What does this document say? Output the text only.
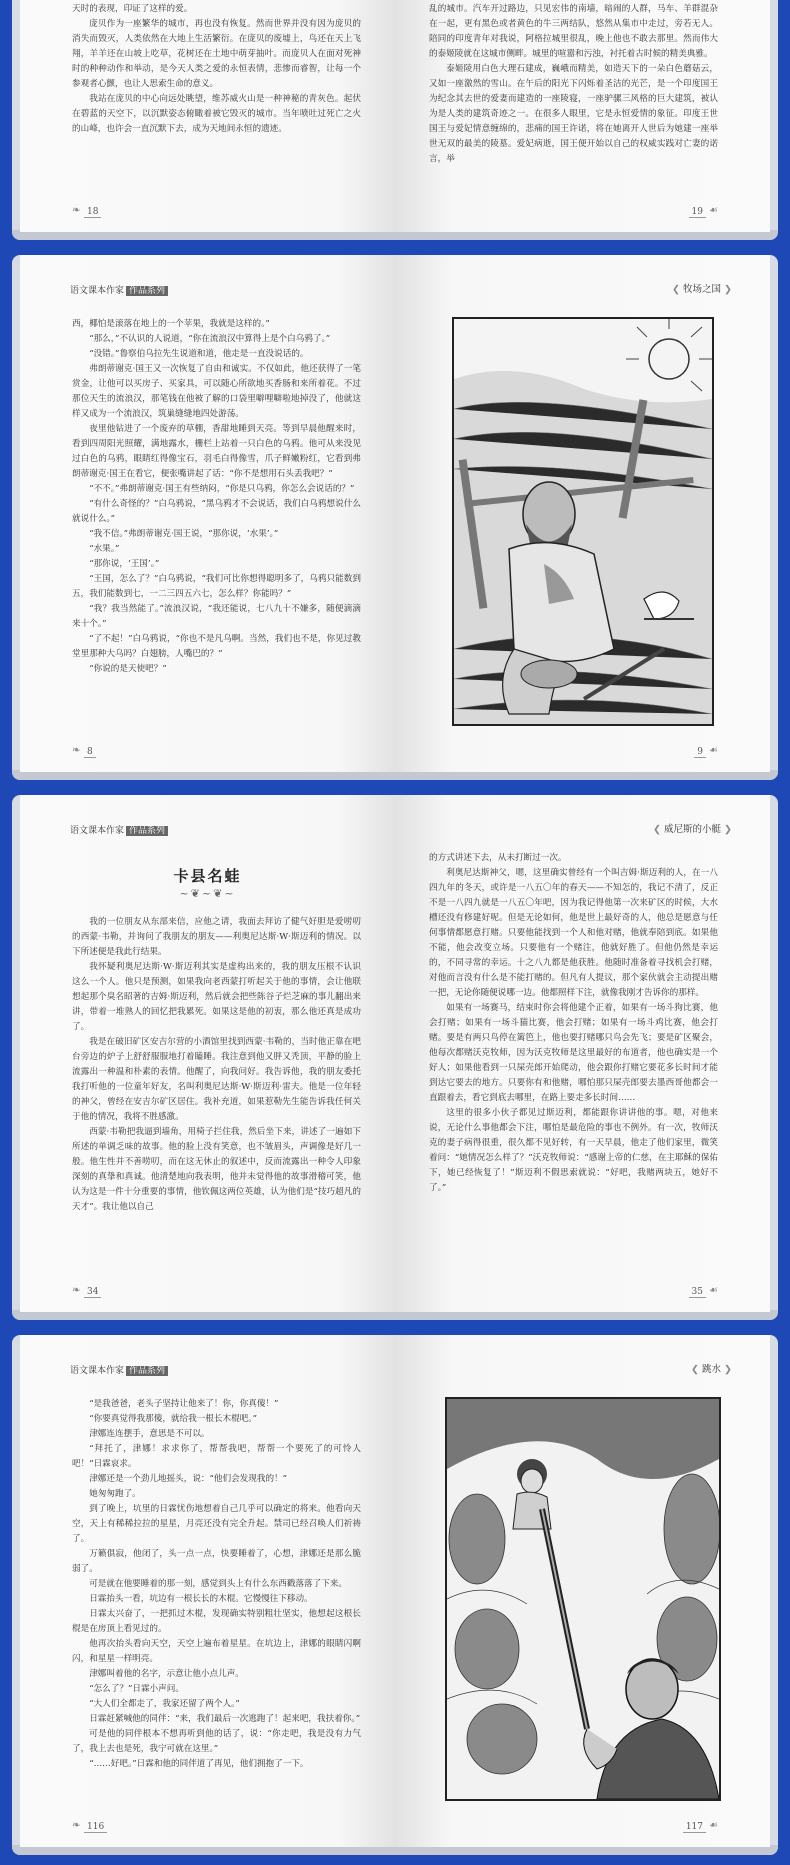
天时的表现，印证了这样的爱。

庞贝作为一座繁华的城市，再也没有恢复。然而世界并没有因为庞贝的消失而毁灭，人类依然在大地上生活繁衍。在庞贝的废墟上，鸟还在天上飞翔，羊羊还在山坡上吃草，花树还在土地中萌芽抽叶。而庞贝人在面对死神时的种种动作和举动，是今天人类之爱的永恒表情，悲惨而睿智，让每一个参观者心颤，也让人思索生命的意义。

我站在庞贝的中心向远处眺望，维苏威火山是一种神秘的青灰色。起伏在碧蓝的天空下，以沉默姿态俯瞰着被它毁灭的城市。当年喷吐过死亡之火的山峰，也许会一直沉默下去，成为天地间永恒的遗迹。

❧ 18

乱的城市。汽车开过路边，只见宏伟的南墙，暗闹的人群，马车、羊群混杂在一起，更有黑色或者黄色的牛三两结队，悠然从集市中走过，旁若无人。陪同的印度青年对我说，阿格拉城里很乱，晚上他也不敢去那里。然而伟大的泰姬陵就在这城市侧畔。城里的喧嚣和污浊，衬托着古时候的精美典雅。

泰姬陵用白色大理石建成，巍峨而精美，如造天下的一朵白色蘑菇云，又如一座激然的雪山。在午后的阳光下闪烁着圣洁的光芒，是一个印度国王为纪念其去世的爱妻而建造的一座陵寝，一座驴骡三风格的巨大建筑，被认为是人类的建筑奇迹之一。在很多人眼里，它是永恒爱情的象征。印度王世国王与爱妃情意缠绵的，悲痛的国王许诺，将在她离开人世后为她建一座举世无双的最美的陵墓。爱妃病逝，国王便开始以自己的权威实践对亡妻的诺言，举

19 ☙
语文课本作家 作品系列

西，椰怕是滚落在地上的一个苹果，我就是这样的。”

“那么，”不认识的人说道，“你在流浪汉中算得上是个白乌鸦了。”

“没错。”鲁察伯乌拉先生说道和道，他走是一直没说话的。

弗朗蒂谢克·国王又一次恢复了自由和诚实。不仅如此，他还获得了一笔赏金，让他可以买房子、买家具，可以随心所欲地买香肠和来所着花。不过那位天生的流浪汉，那笔钱在他被了解的口袋里噼哩噼啦地掉没了，他就这样又成为一个流浪汉，筑巢缝缝地四处游荡。

夜里他钻进了一个废弃的草棚，香甜地睡到天亮。等到早晨他醒来时，看到四周阳光照耀，满地露水，栅栏上站着一只白色的乌鸦。他可从来没见过白色的乌鸦，眼睛红得像宝石，羽毛白得像雪，爪子鲜嫩粉红，它看到弗朗蒂谢克·国王在看它，便张嘴讲起了话：“你不是想用石头丢我吧？”

“不不。”弗朗蒂谢克·国王有些纳闷，“你是只乌鸦，你怎么会说话的？”

“有什么奇怪的？”白乌鸦说，“黑乌鸦才不会说话，我们白乌鸦想说什么就说什么。”

“我不信。”弗朗蒂谢克·国王说，“那你说，‘水果’。”

“水果。”

“那你说，‘王国’。”

“王国，怎么了？”白乌鸦说，“我们可比你想得聪明多了，乌鸦只能数到五，我们能数到七，一二三四五六七，怎么样？你能吗？”

“我？我当然能了。”流浪汉说，“我还能说，七八九十不嫌多，随便滴滴来十个。”

“了不起！”白乌鸦说，“你也不是凡乌啊。当然，我们也不是，你见过教堂里那种大乌吗？白翅膀，人嘴巴的？”

“你说的是天使吧？”

❧ 8
❮ 牧场之国 ❯
9 ☙
语文课本作家 作品系列
卡县名蛙
~❦~❦~

我的一位朋友从东部来信，应他之请，我面去拜访了健气好胆是爱唠叨的西蒙·韦勒，并询问了我朋友的朋友——利奥尼达斯·W·斯迈利的情况。以下所述便是我此行结果。

我怀疑利奥尼达斯·W·斯迈利其实是虚构出来的，我的朋友压根不认识这么一个人。他只是预测，如果我向老西蒙打听起关于他的事情，会让他联想起那个臭名昭著的吉姆·斯迈利，然后就会把些陈谷子烂芝麻的事儿翻出来讲，带着一堆熟人的回忆把我累死。如果这是他的初衷，那么他还真是成功了。

我是在破旧矿区安吉尔营的小酒馆里找到西蒙·韦勒的，当时他正靠在吧台旁边的炉子上舒舒服服地打着瞌睡。我注意到他又胖又秃顶，平静的脸上流露出一种温和朴素的表情。他醒了，向我问好。我告诉他，我的朋友委托我打听他的一位童年好友，名叫利奥尼达斯·W·斯迈利·雷夫。他是一位年轻的神父，曾经在安吉尔矿区居住。我补充道，如果惹勒先生能告诉我任何关于他的情况，我将不胜感激。

西蒙·韦勒把我逼到墙角，用椅子拦住我，然后坐下来，讲述了一遍如下所述的单调乏味的故事。他的脸上没有笑意，也不皱眉头，声调像是好几一般。他生性并不善唠叨，而在这无休止的叙述中，反而流露出一种令人印象深刻的真挚和真诚。他清楚地向我表明，他并未觉得他的故事滑稽可笑，他认为这是一件十分重要的事情，他钦佩这两位英雄，认为他们是“技巧超凡的天才”。我让他以自己

❧ 34
❮ 威尼斯的小艇 ❯

的方式讲述下去，从未打断过一次。

利奥尼达斯神父，嗯，这里确实曾经有一个叫吉姆·斯迈利的人，在一八四九年的冬天，或许是一八五〇年的春天——不知怎的，我记不清了，反正不是一八四九就是一八五〇年吧，因为我记得他第一次来矿区的时候，大水槽还没有修建好呢。但是无论如何，他是世上最好奇的人，他总是愿意与任何事情都愿意打赌。只要他能找到一个人和他对赌，他就奉陪到底。如果他不能，他会改变立场。只要他有一个赌注，他就好胜了。但他仍然是幸运的，不同寻常的幸运。十之八九都是他获胜。他随时准备着寻找机会打赌，对他而言没有什么是不能打赌的。但凡有人提议，那个家伙就会主动提出赌一把，无论你随便说哪一边。他都照样下注，就像我刚才告诉你的那样。

如果有一场赛马，结束时你会将他建个正着，如果有一场斗狗比赛，他会打赌；如果有一场斗猫比赛，他会打赌；如果有一场斗鸡比赛，他会打赌。要是有两只鸟停在篱笆上，他也要打赌哪只鸟会先飞；要是矿区聚会，他每次都赌沃克牧师，因为沃克牧师是这里最好的布道者，他也确实是一个好人；如果他看到一只屎壳郎开始爬动，他会跟你打赌它要花多长时间才能到达它要去的地方。只要你有和他赌，哪怕那只屎壳郎要去墨西哥他都会一直跟着去，看它到底去哪里，在路上要走多长时间……

这里的很多小伙子都见过斯迈利，都能跟你讲讲他的事。嗯，对他来说，无论什么事他都会下注，哪怕是最危险的事也不例外。有一次，牧师沃克的妻子病得很重，很久都不见好转，有一天早晨，他走了他们家里，微笑着问：“她情况怎么样了？”沃克牧师说：“感谢上帝的仁慈，在主耶稣的保佑下，她已经恢复了！”斯迈利不假思索就说：“好吧，我赌两块五，她好不了。”

35 ☙
语文课本作家 作品系列

“是我爸爸，老头子坚持让他来了！你，你真傻！”

“你要真觉得我那傻，就给我一根长木棍吧。”

津娜连连摆手，意思是不可以。

“拜托了，津娜！求求你了，帮帮我吧，帮帮一个要死了的可怜人吧！”日霖哀求。

津娜还是一个劲儿地摇头，说：“他们会发现我的！”

她匆匆跑了。

到了晚上，坑里的日霖忧伤地想着自己几乎可以确定的将来。他看向天空，天上有稀稀拉拉的星星，月亮还没有完全升起。禁司已经召唤人们祈祷了。

万籁俱寂，他闭了，头一点一点，快要睡着了，心想，津娜还是那么脆弱了。

可是就在他要睡着的那一刻，感觉到头上有什么东西戳落落了下来。

日霖抬头一看，坑边有一根长长的木棍。它慢慢往下移动。

日霖太兴奋了，一把抓过木棍，发现确实特别粗壮坚实，他想起这根长棍是在房顶上看见过的。

他再次抬头看向天空，天空上遍布着星星。在坑边上，津娜的眼睛闪啊闪，和星星一样明亮。

津娜叫着他的名字，示意让他小点儿声。

“怎么了？”日霖小声问。

“大人们全都走了，我家还留了两个人。”

日霖赶紧喊他的同伴：“来，我们最后一次逃跑了！起来吧，我扶着你。”

可是他的同伴根本不想再听到他的话了，说：“你走吧，我是没有力气了，我上去也是死，我宁可就在这里。”

“……好吧。”日霖和他的同伴道了再见，他们拥抱了一下。

❧ 116
❮ 跳水 ❯
117 ☙
